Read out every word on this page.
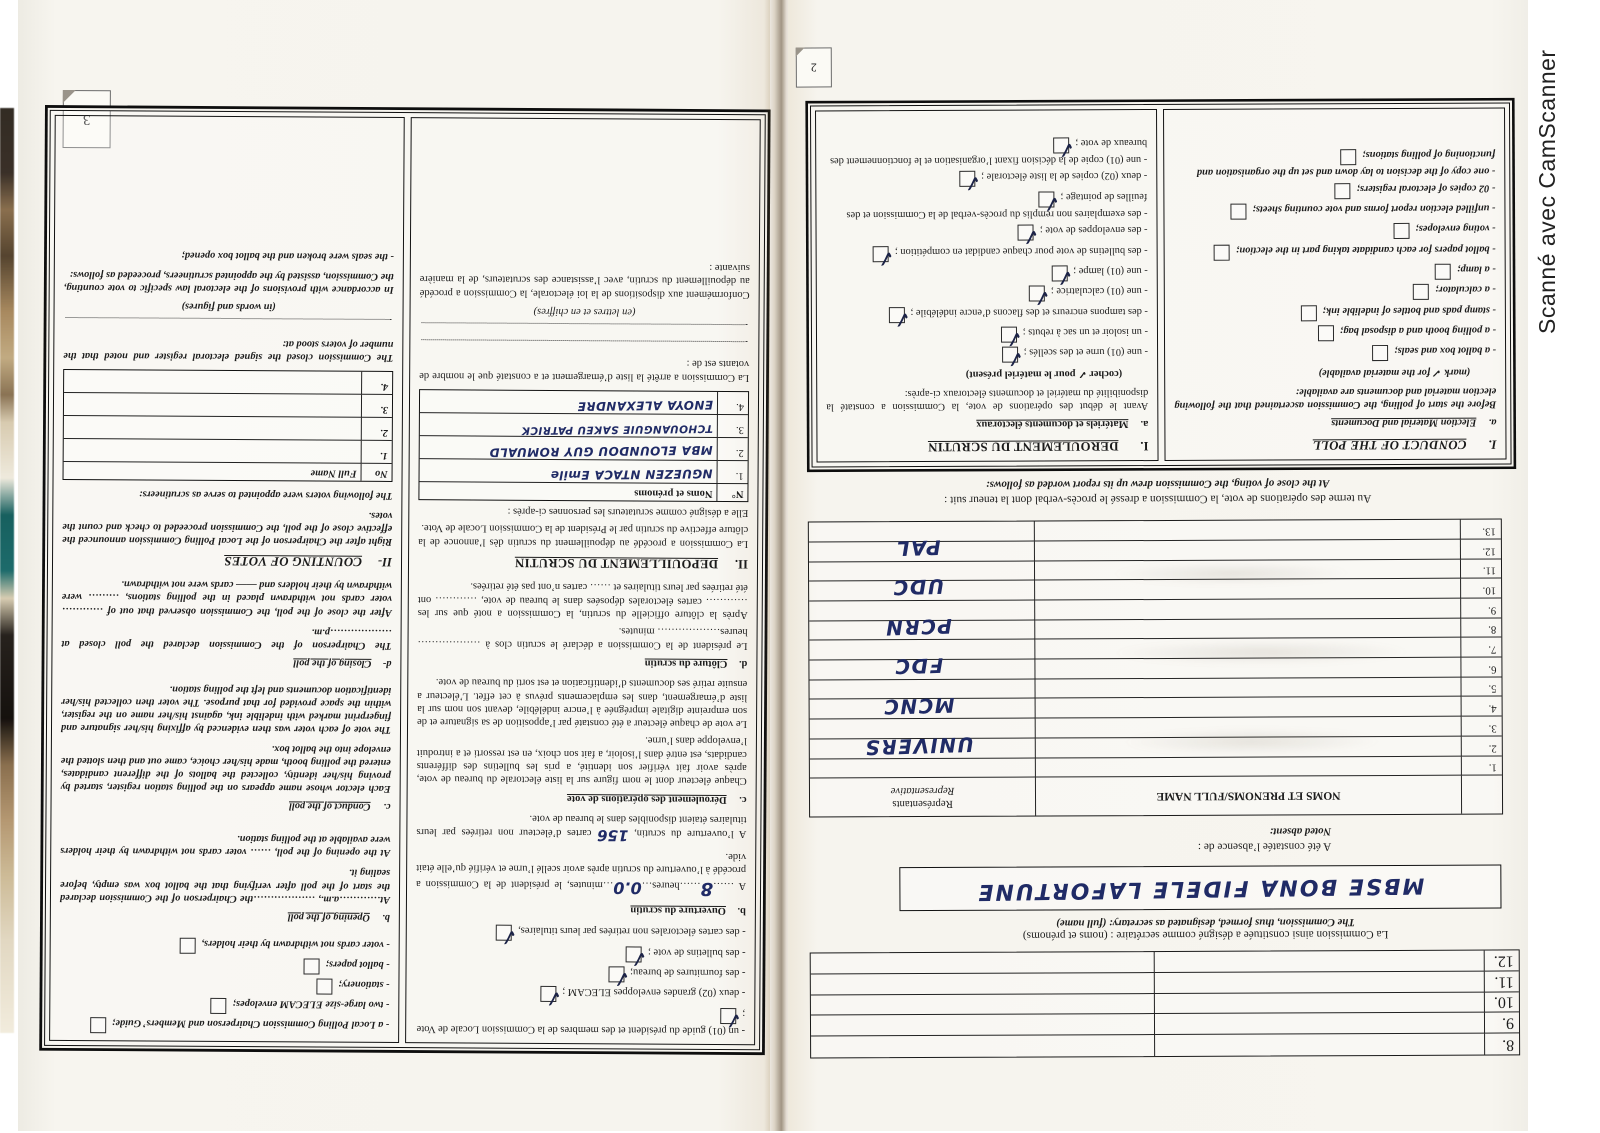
3
- un (01) guide du président et des membres de la Commission Locale de Vote ;✓
- deux (02) grandes enveloppes ELECAM ;✓
- des fournitures de bureau;✓
- des bulletins de vote ;✓
- des cartes électorales non retirées par leurs titulaires,✓
b.Ouverture du scrutin

A ……8……heures…0.0…minutes, le président de la Commission a procédé à l’ouverture du scrutin après avoir scellé l’urne et vérifié qu’elle était vide.

A l’ouverture du scrutin, 156 cartes d’électeur non retirées par leurs titulaires étaient disponibles dans le bureau de vote.

c.Déroulement des opérations de vote

Chaque électeur dont le nom figure sur la liste électorale du bureau de vote, après avoir fait vérifier son identité, a pris les bulletins des différents candidats, est entré dans l’isoloir, a fait son choix, en est ressorti et a introduit l’enveloppe dans l’urne.

Le vote de chaque électeur a été constaté par l’apposition de sa signature et de son empreinte digitale imprégnée à l’encre indélébile, devant son nom sur la liste d’émargement, dans les emplacements prévus à cet effet. L’électeur a ensuite retiré ses documents d’identification et est sorti du bureau de vote.

d.Clôture du scrutin

Le président de la Commission a déclaré le scrutin clos à ………………heures……………… minutes.

Après la clôture officielle du scrutin, la Commission a noté que sur les ………… cartes électorales déposées dans le bureau de vote, ………… ont été retirées par leurs titulaires et …… cartes n’ont pas été retirées.

II.DEPOUILLEMENT DU SCRUTIN

La Commission a procédé au dépouillement du scrutin dès l’annonce de la clôture effective du scrutin par le Président de la Commission Locale de Vote.

Elle a désigné comme scrutateurs les personnes ci-après :

N°
Noms et prénoms
1.
NGUEZEN NTACA Emile
2.
MBA ELOUNDOU GUY ROMUALD
3.
TCHOUANGUIE SAKEU PATRICK
4.
ENOYA ALEXANDRE

La Commission a arrêté la liste d’émargement et a constaté que le nombre de votants est de :

(en lettres et en chiffres)

Conformément aux dispositions de la loi électorale, la Commission a procédé au dépouillement du scrutin, avec l’assistance des scrutateurs, de la manière suivante :

- a Local Polling Commission Chairperson and Members’ Guide;
- two large-size ELECAM envelopes;
- stationery;
- ballot papers;
- voter cards not withdrawn by their holders,
b.Opening of the poll

At…………a.m., ………………the Chairperson of the Commission declared the start of the poll after verifying that the ballot box was empty, before sealing it.

At the opening of the poll, …… voter cards not withdrawn by their holders were available at the polling station.

c.Conduct of the poll

Each elector whose name appears on the polling station register, started by proving his/her identity, collected the ballots of the different candidates, entered the polling booth, made his/her choice, came out and then slotted the envelope into the ballot box.

The vote of each voter was then evidenced by affixing his/her signature and fingerprint marked with indelible ink, against his/her name on the register, within the space provided for that purpose. The voter then collected his/her identification documents and left the polling station.

d-Closing of the poll

The Chairperson of the Commission declared the poll closed at ………………p.m.

After the close of the poll, the Commission observed that out of ………… voter cards not withdrawn placed in the polling stations, ……… were withdrawn by their holders and —— cards were not withdrawn.

II-COUNTING OF VOTES

Right after the Chairperson of the Local Polling Commission announced the effective close of the poll, the Commission proceeded to check and count the votes.

The following voters were appointed to serve as scrutineers:

No
Full Name
1.
2.
3.
4.

The Commission closed the signed electoral register and noted that the number of voters stood at:

(in words and figures)

In accordance with provisions of the electoral law specific to vote counting, the Commission, assisted by the appointed scrutineers, proceeded as follows:

- the seals were broken and the ballot box opened;

2
8.
9.
10.
11.
12.
La Commission ainsi constituée a désigné comme secrétaire : (noms et prénoms)
The Commission, thus formed, designated as secretary: (full name)
MBSE BONA FIDELE LAFORTUNE
A été constatée l’absence de :
Noted absent:
NOMS ET PRENOMS/FULL NAME
Représentants
Representative
1.
2.
3.
4.
5.
6.
7.
8.
9.
10.
11.
12.
13.
UNIVERS
MCNC
FDC
PCRN
UDC
PAL
Au terme des opérations de vote, la Commission a dressé le procès-verbal dont la teneur suit :
At the close of voting, the Commission drew up its report worded as follows:
I.CONDUCT OF THE POLL
a.Election Material and Documents

Before the start of polling, the Commission ascertained that the following election material and documents are available:

(mark ✓ for the material available)
- a ballot box and seals;
- a polling booth and a disposal bag;
- stamp pads and bottles of indelible ink;
- a calculator;
- a lamp;
- ballot papers for each candidate taking part in the election;
- voting envelopes;
- unfilled election report forms and vote counting sheets;
- 02 copies of electoral registers;
- one copy of the decision to lay down and set up the organisation and functioning of polling stations;
I.DEROULEMENT DU SCRUTIN
a.Matériels et documents électoraux

Avant le début des opérations de vote, la Commission a constaté la disponibilité du matériel et documents électoraux ci-après:

(cocher ✓ pour le matériel présent)
- une (01) urne et des scellés ;✓
- un isoloir et un sac à rebuts ;✓
- des tampons encreurs et des flacons d’encre indélébile ;✓
- une (01) calculatrice ;✓
- une (01) lampe ;✓
- des bulletins de vote pour chaque candidat en compétition ;✓
- des enveloppes de vote ;✓
- des exemplaires non remplis du procès-verbal de la Commission et des feuilles de pointage ;✓
- deux (02) copies de la liste électorale ;✓
- une (01) copie de la décision fixant l’organisation et le fonctionnement des bureaux de vote ; ✓	Scanné avec CamScanner
